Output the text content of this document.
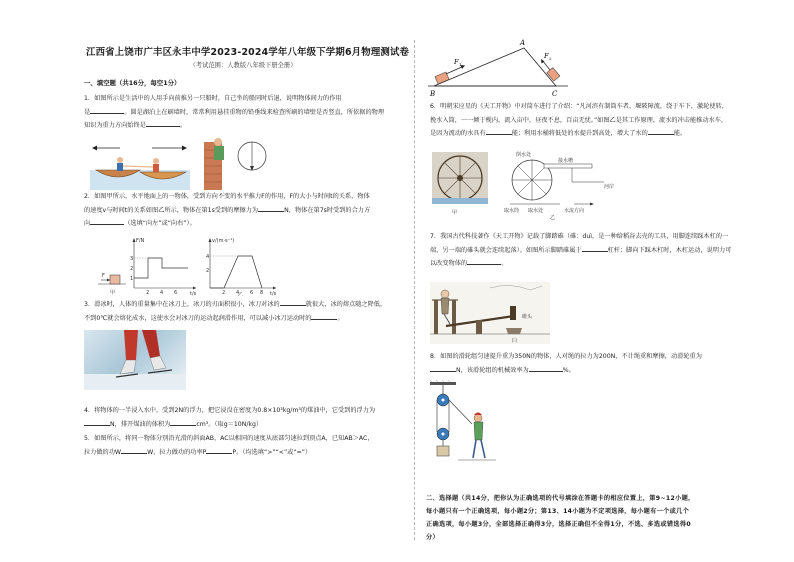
江西省上饶市广丰区永丰中学2023-2024学年八年级下学期6月物理测试卷
（考试范围：人教版八年级下册全册）
一、填空题（共16分，每空1分）

1．如图所示是生活中的人用手向前推另一只船时，自己坐的船同时后退，说明物体间力的作用

是	。圆是湖泊上在刷墙时，常常利用悬挂重物的铅垂线来检查所刷的墙壁是否竖直，所依据的物理

知识为重力方向始终是	。

2．如图甲所示，水平地面上的一物体，受到方向不变的水平推力F的作用，F的大小与时间t的关系，物体

的速度v与时间t的关系如图乙所示，物体在第1s受到的摩擦力为	N，物体在第7s时受到的合力方

向	（选填“向左”或“向右”）。

F
甲
F/N
t/s
2 4 6
1
2
3
v/(m·s⁻¹)
t/s
2 4 6 8
2
4
乙

3．滑冰时，人体的重量集中在冰刀上，冰刀的刃面积很小，冰刀对冰的	就很大，冰的熔点随之降低，

不到0℃就会熔化成水，这使水会对冰刀的运动起润滑作用，可以减小冰刀运动时的	。

4．将物体的一半浸入水中，受到2N的浮力，把它浸没在密度为0.8×10³kg/m³的煤油中，它受到的浮力为

N，排开煤油的体积为	cm³。（取g＝10N/kg）

5．如图所示，将同一物体分别沿光滑的斜面AB、AC以相同的速度从底部匀速拉到顶点A，已知AB＞AC，

拉力做的功W	W，拉力做功的功率P	P。（均选填“>”“<”或“=”）

A
B	C
F 1
F 2

6．明朝宋应星的《天工开物》中对筒车进行了介绍：“凡河滨有制筒车者，堰陂障流，绕于车下，激轮使转，

挽水入筒，一一倾于枧内，流入亩中，昼夜不息，百亩无忧。”如图乙是其工作原理，流水的冲击能推动水车，

是因为流动的水具有	能；利用水桶将低处的水提升到高处，增大了水的	能。

甲
倒水处
接水槽
河岸
取水筒 取水处	水流方向
乙

7．我国古代科技著作《天工开物》记载了脚踏碓（碓：duì，是一种给稻谷去壳的工具，用脚连续踩木杠的一

端，另一端的碓头就会连续起落）。如图所示脚踏碓属于	杠杆；脚向下踩木杠时，木杠运动，说明力可

以改变物体的	。

碓头
臼

8．如图的滑轮组匀速提升重为350N的物体，人对绳的拉力为200N，不计绳重和摩擦，动滑轮重为

N，该滑轮组的机械效率为	%。

二、选择题（共14分，把你认为正确选项的代号填涂在答题卡的相应位置上，第9~12小题，

每小题只有一个正确选项，每小题2分；第13、14小题为不定项选择，每小题有一个或几个

正确选项，每小题3分，全部选择正确得3分，选择正确但不全得1分，不选、多选或错选得0

分）
